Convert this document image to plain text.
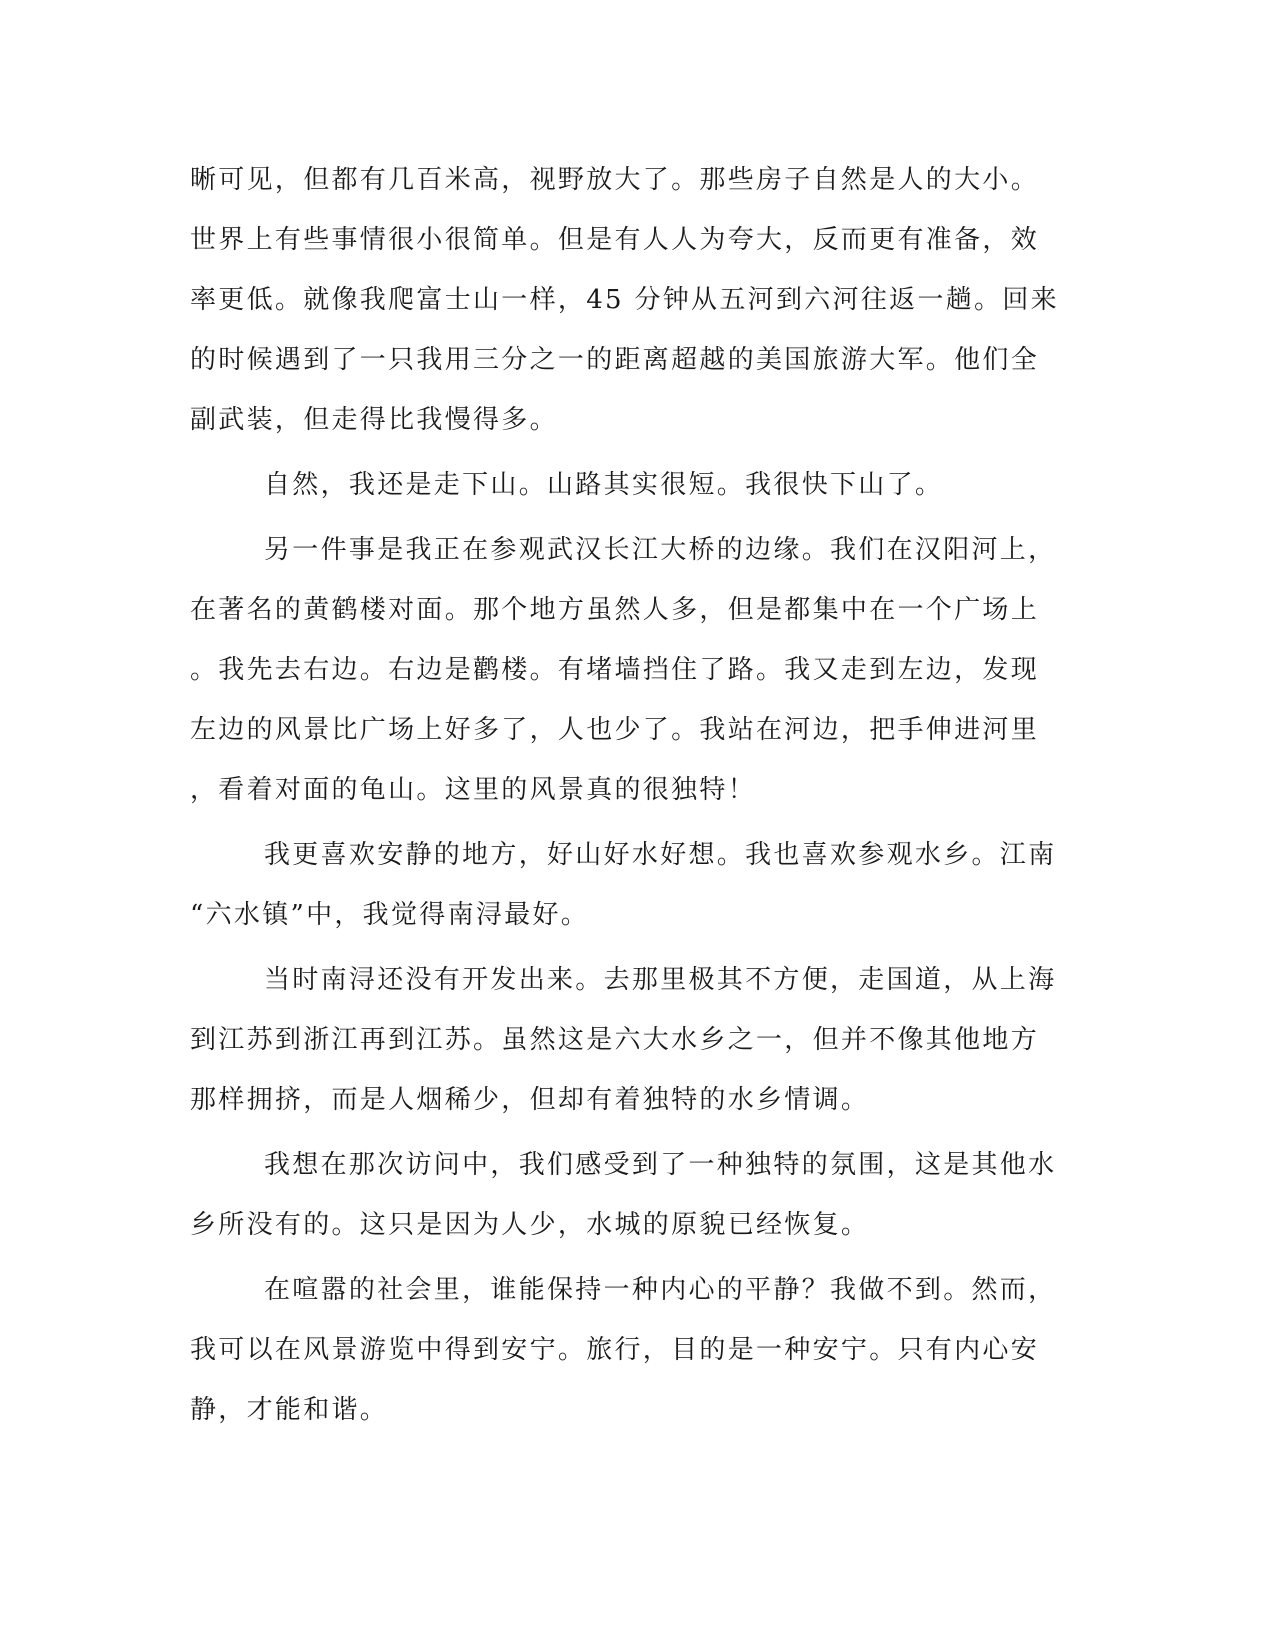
晰可见，但都有几百米高，视野放大了。那些房子自然是人的大小。

世界上有些事情很小很简单。但是有人人为夸大，反而更有准备，效

率更低。就像我爬富士山一样，45 分钟从五河到六河往返一趟。回来

的时候遇到了一只我用三分之一的距离超越的美国旅游大军。他们全

副武装，但走得比我慢得多。

自然，我还是走下山。山路其实很短。我很快下山了。

另一件事是我正在参观武汉长江大桥的边缘。我们在汉阳河上，

在著名的黄鹤楼对面。那个地方虽然人多，但是都集中在一个广场上

。我先去右边。右边是鹳楼。有堵墙挡住了路。我又走到左边，发现

左边的风景比广场上好多了，人也少了。我站在河边，把手伸进河里

，看着对面的龟山。这里的风景真的很独特！

我更喜欢安静的地方，好山好水好想。我也喜欢参观水乡。江南

“六水镇”中，我觉得南浔最好。

当时南浔还没有开发出来。去那里极其不方便，走国道，从上海

到江苏到浙江再到江苏。虽然这是六大水乡之一，但并不像其他地方

那样拥挤，而是人烟稀少，但却有着独特的水乡情调。

我想在那次访问中，我们感受到了一种独特的氛围，这是其他水

乡所没有的。这只是因为人少，水城的原貌已经恢复。

在喧嚣的社会里，谁能保持一种内心的平静？我做不到。然而，

我可以在风景游览中得到安宁。旅行，目的是一种安宁。只有内心安

静，才能和谐。
